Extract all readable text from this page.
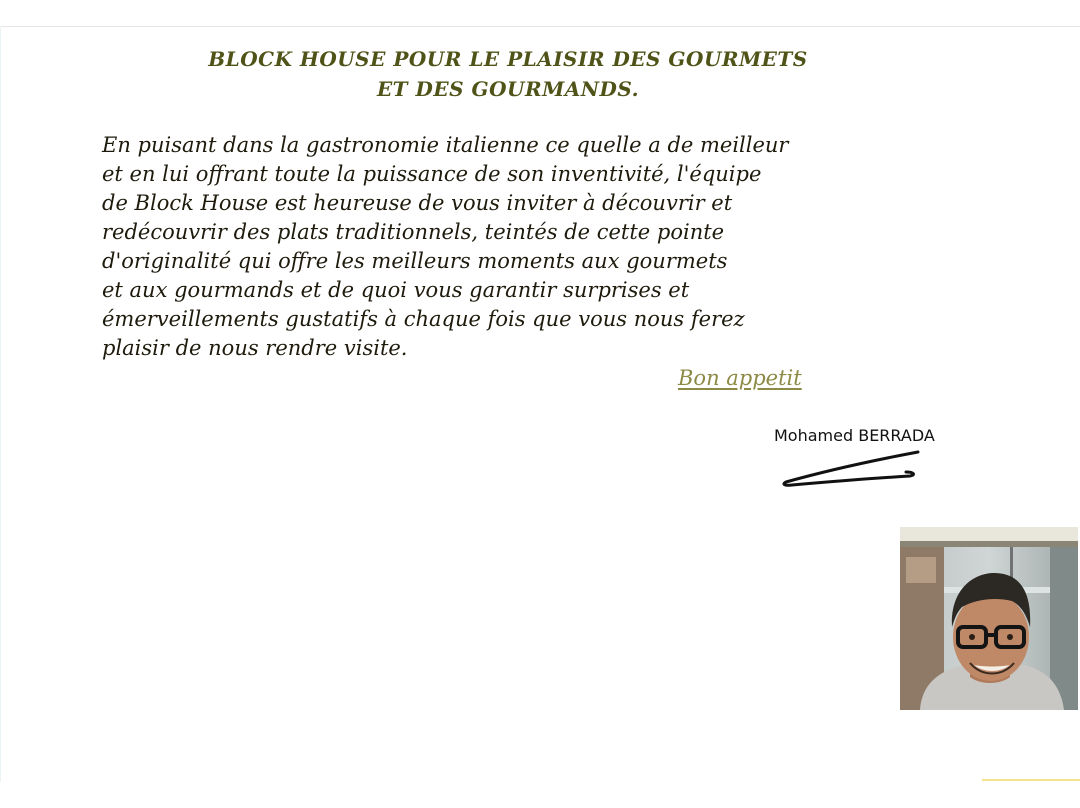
BLOCK HOUSE POUR LE PLAISIR DES GOURMETS
ET DES GOURMANDS.
En puisant dans la gastronomie italienne ce quelle a de meilleur
et en lui offrant toute la puissance de son inventivité, l'équipe
de Block House est heureuse de vous inviter à découvrir et
redécouvrir des plats traditionnels, teintés de cette pointe
d'originalité qui offre les meilleurs moments aux gourmets
et aux gourmands et de quoi vous garantir surprises et
émerveillements gustatifs à chaque fois que vous nous ferez
plaisir de nous rendre visite.
Bon appetit
Mohamed BERRADA
